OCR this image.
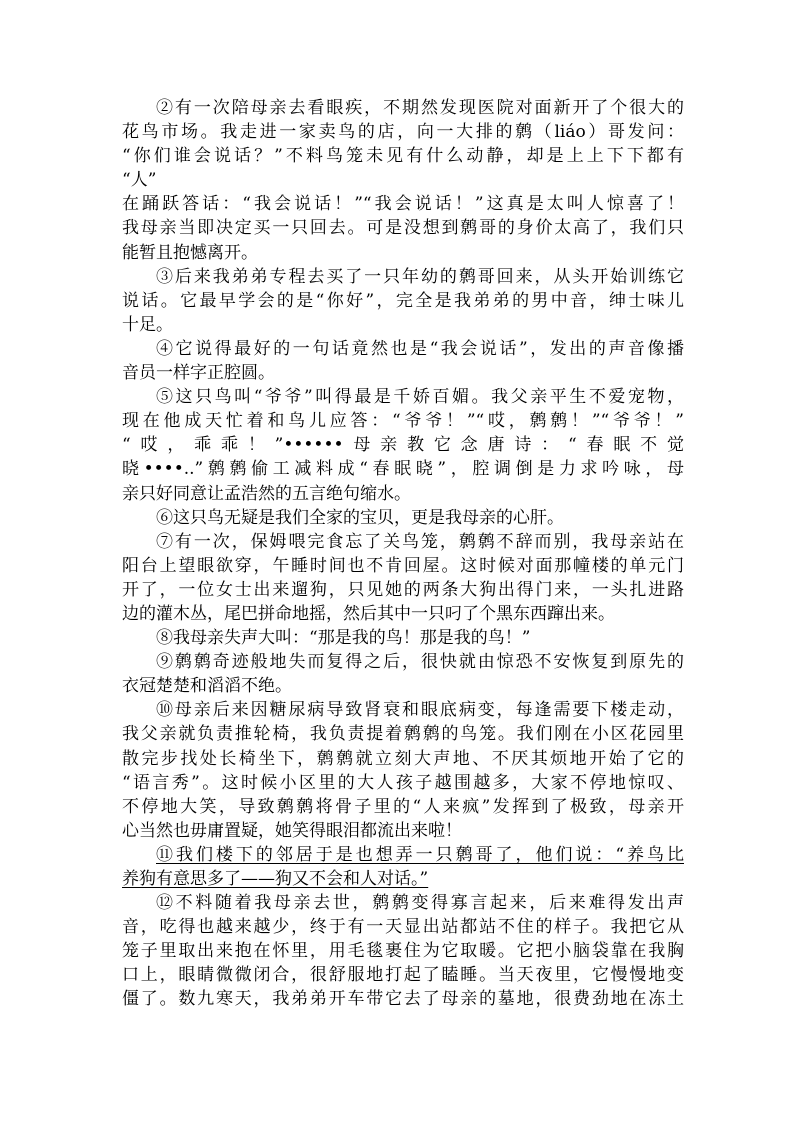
②有一次陪母亲去看眼疾，不期然发现医院对面新开了个很大的
花鸟市场。我走进一家卖鸟的店，向一大排的鹩（liáo）哥发问：
“你们谁会说话？”不料鸟笼未见有什么动静，却是上上下下都有
“人”
在踊跃答话：“我会说话！”“我会说话！”这真是太叫人惊喜了！
我母亲当即决定买一只回去。可是没想到鹩哥的身价太高了，我们只
能暂且抱憾离开。
③后来我弟弟专程去买了一只年幼的鹩哥回来，从头开始训练它
说话。它最早学会的是“你好”，完全是我弟弟的男中音，绅士味儿
十足。
④它说得最好的一句话竟然也是“我会说话”，发出的声音像播
音员一样字正腔圆。
⑤这只鸟叫“爷爷”叫得最是千娇百媚。我父亲平生不爱宠物，
现在他成天忙着和鸟儿应答：“爷爷！”“哎，鹩鹩！”“爷爷！”
“哎，乖乖！”••••••母亲教它念唐诗：“春眠不觉
晓••••..”鹩鹩偷工减料成“春眠晓”，腔调倒是力求吟咏，母
亲只好同意让孟浩然的五言绝句缩水。
⑥这只鸟无疑是我们全家的宝贝，更是我母亲的心肝。
⑦有一次，保姆喂完食忘了关鸟笼，鹩鹩不辞而别，我母亲站在
阳台上望眼欲穿，午睡时间也不肯回屋。这时候对面那幢楼的单元门
开了，一位女士出来遛狗，只见她的两条大狗出得门来，一头扎进路
边的灌木丛，尾巴拼命地摇，然后其中一只叼了个黑东西蹿出来。
⑧我母亲失声大叫：“那是我的鸟！那是我的鸟！”
⑨鹩鹩奇迹般地失而复得之后，很快就由惊恐不安恢复到原先的
衣冠楚楚和滔滔不绝。
⑩母亲后来因糖尿病导致肾衰和眼底病变，每逢需要下楼走动，
我父亲就负责推轮椅，我负责提着鹩鹩的鸟笼。我们刚在小区花园里
散完步找处长椅坐下，鹩鹩就立刻大声地、不厌其烦地开始了它的
“语言秀”。这时候小区里的大人孩子越围越多，大家不停地惊叹、
不停地大笑，导致鹩鹩将骨子里的“人来疯”发挥到了极致，母亲开
心当然也毋庸置疑，她笑得眼泪都流出来啦！
⑪我们楼下的邻居于是也想弄一只鹩哥了，他们说：“养鸟比
养狗有意思多了——狗又不会和人对话。”
⑫不料随着我母亲去世，鹩鹩变得寡言起来，后来难得发出声
音，吃得也越来越少，终于有一天显出站都站不住的样子。我把它从
笼子里取出来抱在怀里，用毛毯裹住为它取暖。它把小脑袋靠在我胸
口上，眼睛微微闭合，很舒服地打起了瞌睡。当天夜里，它慢慢地变
僵了。数九寒天，我弟弟开车带它去了母亲的墓地，很费劲地在冻土
